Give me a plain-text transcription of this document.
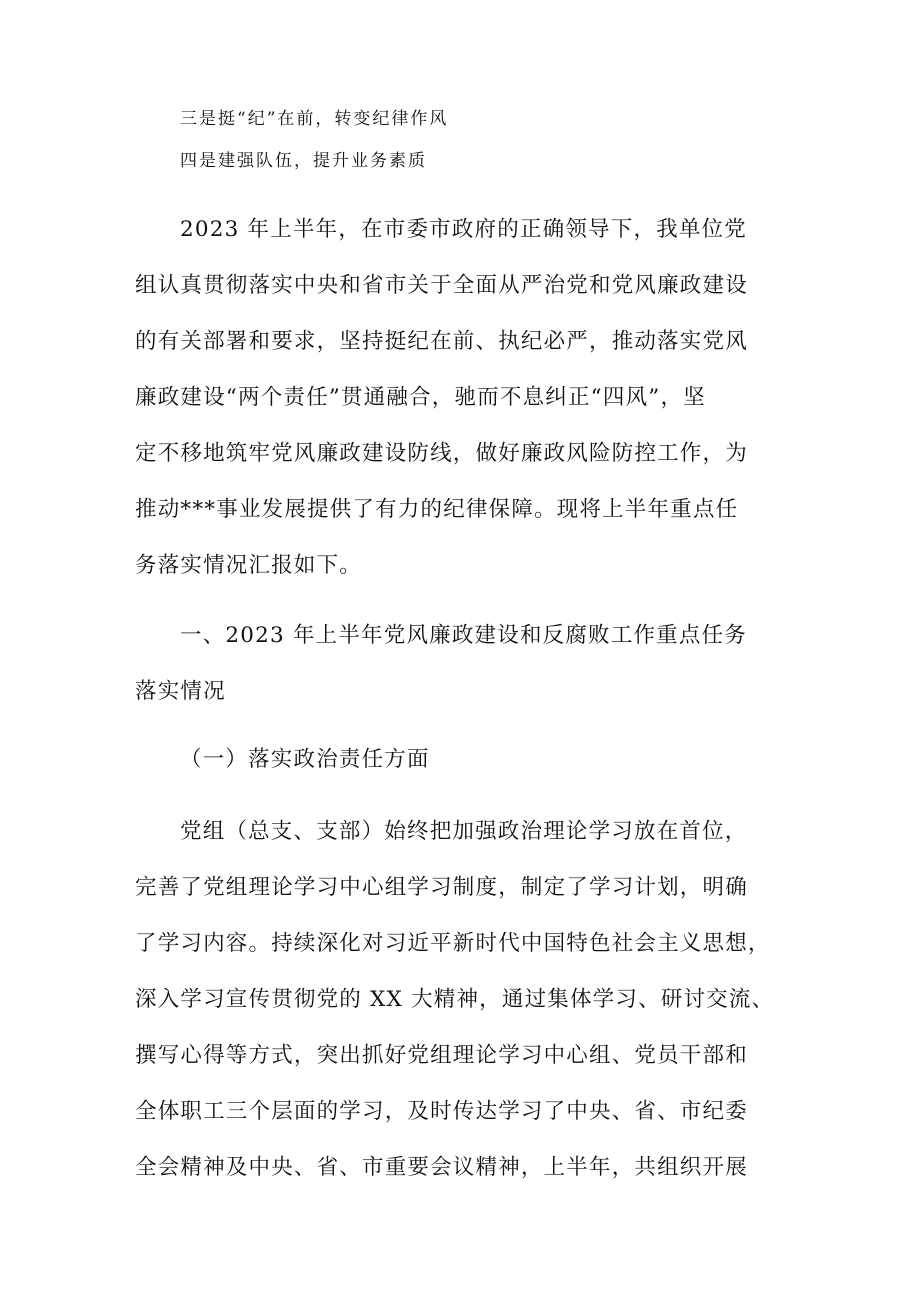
三是挺“纪”在前，转变纪律作风

四是建强队伍，提升业务素质

2023 年上半年，在市委市政府的正确领导下，我单位党

组认真贯彻落实中央和省市关于全面从严治党和党风廉政建设

的有关部署和要求，坚持挺纪在前、执纪必严，推动落实党风

廉政建设“两个责任”贯通融合，驰而不息纠正“四风”，坚

定不移地筑牢党风廉政建设防线，做好廉政风险防控工作，为

推动***事业发展提供了有力的纪律保障。现将上半年重点任

务落实情况汇报如下。

一、2023 年上半年党风廉政建设和反腐败工作重点任务

落实情况

（一）落实政治责任方面

党组（总支、支部）始终把加强政治理论学习放在首位，

完善了党组理论学习中心组学习制度，制定了学习计划，明确

了学习内容。持续深化对习近平新时代中国特色社会主义思想，

深入学习宣传贯彻党的 XX 大精神，通过集体学习、研讨交流、

撰写心得等方式，突出抓好党组理论学习中心组、党员干部和

全体职工三个层面的学习，及时传达学习了中央、省、市纪委

全会精神及中央、省、市重要会议精神，上半年，共组织开展
